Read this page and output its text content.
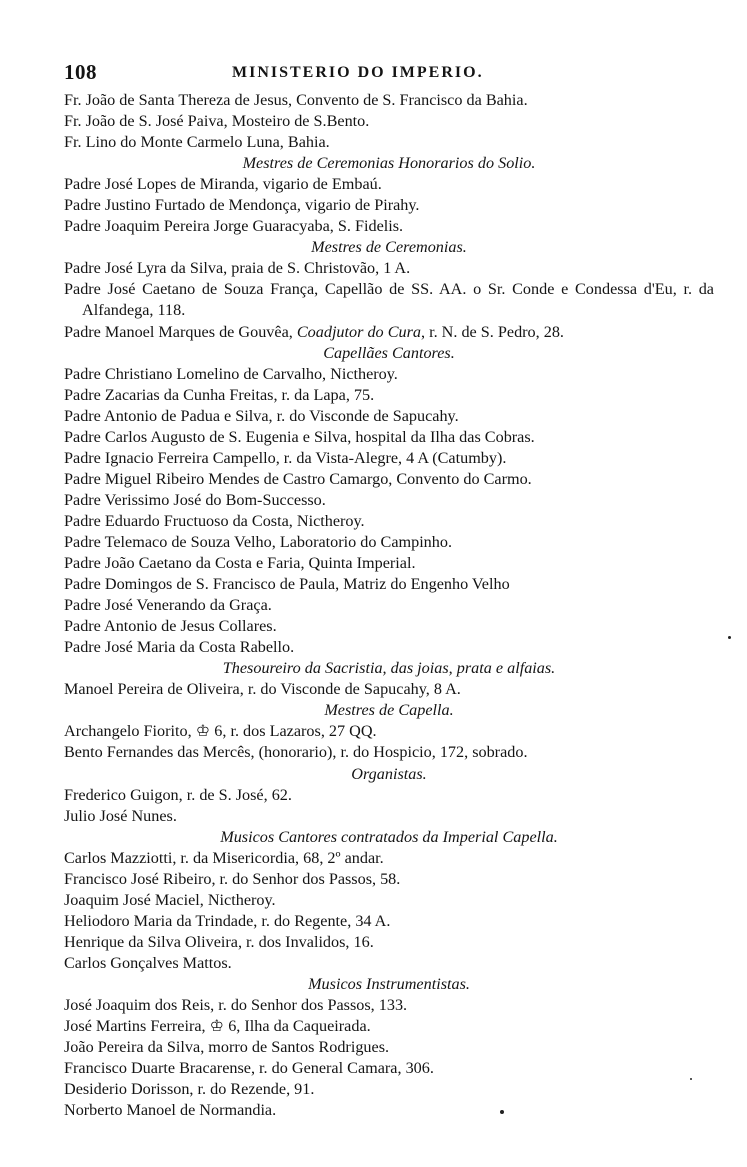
108	MINISTERIO DO IMPERIO.
Fr. João de Santa Thereza de Jesus, Convento de S. Francisco da Bahia.
Fr. João de S. José Paiva, Mosteiro de S.Bento.
Fr. Lino do Monte Carmelo Luna, Bahia.
Mestres de Ceremonias Honorarios do Solio.
Padre José Lopes de Miranda, vigario de Embaú.
Padre Justino Furtado de Mendonça, vigario de Pirahy.
Padre Joaquim Pereira Jorge Guaracyaba, S. Fidelis.
Mestres de Ceremonias.
Padre José Lyra da Silva, praia de S. Christovão, 1 A.
Padre José Caetano de Souza França, Capellão de SS. AA. o Sr. Conde e Condessa d'Eu, r. da Alfandega, 118.
Padre Manoel Marques de Gouvêa, Coadjutor do Cura, r. N. de S. Pedro, 28.
Capellães Cantores.
Padre Christiano Lomelino de Carvalho, Nictheroy.
Padre Zacarias da Cunha Freitas, r. da Lapa, 75.
Padre Antonio de Padua e Silva, r. do Visconde de Sapucahy.
Padre Carlos Augusto de S. Eugenia e Silva, hospital da Ilha das Cobras.
Padre Ignacio Ferreira Campello, r. da Vista-Alegre, 4 A (Catumby).
Padre Miguel Ribeiro Mendes de Castro Camargo, Convento do Carmo.
Padre Verissimo José do Bom-Successo.
Padre Eduardo Fructuoso da Costa, Nictheroy.
Padre Telemaco de Souza Velho, Laboratorio do Campinho.
Padre João Caetano da Costa e Faria, Quinta Imperial.
Padre Domingos de S. Francisco de Paula, Matriz do Engenho Velho
Padre José Venerando da Graça.
Padre Antonio de Jesus Collares.
Padre José Maria da Costa Rabello.
Thesoureiro da Sacristia, das joias, prata e alfaias.
Manoel Pereira de Oliveira, r. do Visconde de Sapucahy, 8 A.
Mestres de Capella.
Archangelo Fiorito, ♔ 6, r. dos Lazaros, 27 QQ.
Bento Fernandes das Mercês, (honorario), r. do Hospicio, 172, sobrado.
Organistas.
Frederico Guigon, r. de S. José, 62.
Julio José Nunes.
Musicos Cantores contratados da Imperial Capella.
Carlos Mazziotti, r. da Misericordia, 68, 2º andar.
Francisco José Ribeiro, r. do Senhor dos Passos, 58.
Joaquim José Maciel, Nictheroy.
Heliodoro Maria da Trindade, r. do Regente, 34 A.
Henrique da Silva Oliveira, r. dos Invalidos, 16.
Carlos Gonçalves Mattos.
Musicos Instrumentistas.
José Joaquim dos Reis, r. do Senhor dos Passos, 133.
José Martins Ferreira, ♔ 6, Ilha da Caqueirada.
João Pereira da Silva, morro de Santos Rodrigues.
Francisco Duarte Bracarense, r. do General Camara, 306.
Desiderio Dorisson, r. do Rezende, 91.
Norberto Manoel de Normandia.
